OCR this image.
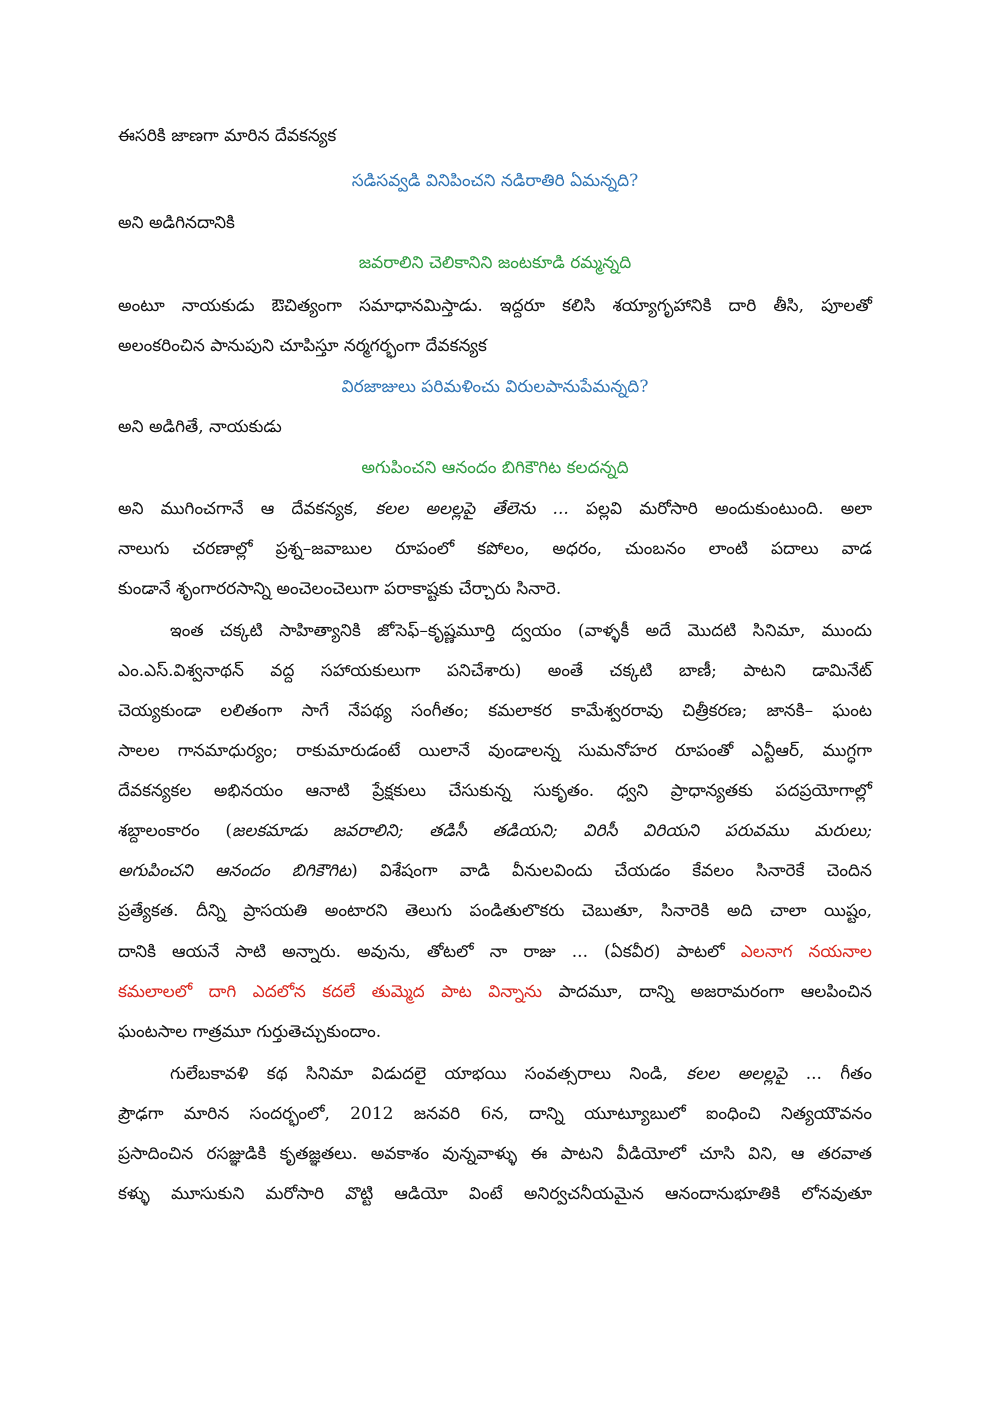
ఈసరికి జాణగా మారిన దేవకన్యక
సడిసవ్వడి వినిపించని నడిరాతిరి ఏమన్నది?
అని అడిగినదానికి
జవరాలిని చెలికానిని జంటకూడి రమ్మన్నది
అంటూ నాయకుడు ఔచిత్యంగా సమాధానమిస్తాడు. ఇద్దరూ కలిసి శయ్యాగృహానికి దారి తీసి, పూలతో
అలంకరించిన పానుపుని చూపిస్తూ నర్మగర్భంగా దేవకన్యక
విరజాజులు పరిమళించు విరులపానుపేమన్నది?
అని అడిగితే, నాయకుడు
అగుపించని ఆనందం బిగికౌగిట కలదన్నది
అని ముగించగానే ఆ దేవకన్యక, కలల అలల్లపై తేలెను ... పల్లవి మరోసారి అందుకుంటుంది. అలా
నాలుగు చరణాల్లో ప్రశ్న–జవాబుల రూపంలో కపోలం, అధరం, చుంబనం లాంటి పదాలు వాడ
కుండానే శృంగారరసాన్ని అంచెలంచెలుగా పరాకాష్టకు చేర్చారు సినారె.
ఇంత చక్కటి సాహిత్యానికి జోసెఫ్–కృష్ణమూర్తి ద్వయం (వాళ్ళకీ అదే మొదటి సినిమా, ముందు
ఎం.ఎస్.విశ్వనాథన్ వద్ద సహాయకులుగా పనిచేశారు) అంతే చక్కటి బాణీ; పాటని డామినేట్
చెయ్యకుండా లలితంగా సాగే నేపథ్య సంగీతం; కమలాకర కామేశ్వరరావు చిత్రీకరణ; జానకి– ఘంట
సాలల గానమాధుర్యం; రాకుమారుడంటే యిలానే వుండాలన్న సుమనోహర రూపంతో ఎన్టీఆర్, ముగ్ధగా
దేవకన్యకల అభినయం ఆనాటి ప్రేక్షకులు చేసుకున్న సుకృతం. ధ్వని ప్రాధాన్యతకు పదప్రయోగాల్లో
శబ్దాలంకారం (జలకమాడు జవరాలిని; తడిసీ తడియని; విరిసీ విరియని పరువము మరులు;
అగుపించని ఆనందం బిగికౌగిట) విశేషంగా వాడి వీనులవిందు చేయడం కేవలం సినారెకే చెందిన
ప్రత్యేకత. దీన్ని ప్రాసయతి అంటారని తెలుగు పండితులొకరు చెబుతూ, సినారెకి అది చాలా యిష్టం,
దానికి ఆయనే సాటి అన్నారు. అవును, తోటలో నా రాజు ... (ఏకవీర) పాటలో ఎలనాగ నయనాల
కమలాలలో దాగి ఎదలోన కదలే తుమ్మెద పాట విన్నాను పాదమూ, దాన్ని అజరామరంగా ఆలపించిన
ఘంటసాల గాత్రమూ గుర్తుతెచ్చుకుందాం.
గులేబకావళి కథ సినిమా విడుదలై యాభయి సంవత్సరాలు నిండి, కలల అలల్లపై ... గీతం
ప్రౌఢగా మారిన సందర్భంలో, 2012 జనవరి 6న, దాన్ని యూట్యూబులో ఐంధించి నిత్యయౌవనం
ప్రసాదించిన రసజ్ఞుడికి కృతజ్ఞతలు. అవకాశం వున్నవాళ్ళు ఈ పాటని వీడియోలో చూసి విని, ఆ తరవాత
కళ్ళు మూసుకుని మరోసారి వొట్టి ఆడియో వింటే అనిర్వచనీయమైన ఆనందానుభూతికి లోనవుతూ
